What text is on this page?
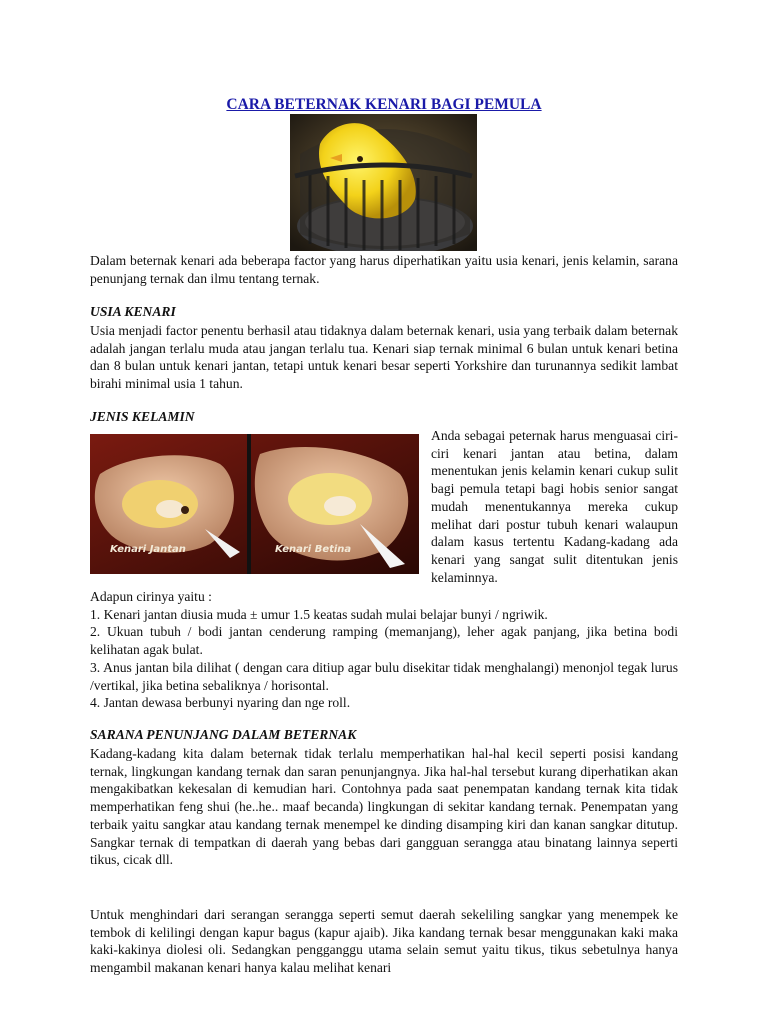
CARA BETERNAK KENARI BAGI PEMULA

Dalam beternak kenari ada beberapa factor yang harus diperhatikan yaitu usia kenari, jenis kelamin, sarana penunjang ternak dan ilmu tentang ternak.

USIA KENARI

Usia menjadi factor penentu berhasil atau tidaknya dalam beternak kenari, usia yang terbaik dalam beternak adalah jangan terlalu muda atau jangan terlalu tua. Kenari siap ternak minimal 6 bulan untuk kenari betina dan 8 bulan untuk kenari jantan, tetapi untuk kenari besar seperti Yorkshire dan turunannya sedikit lambat birahi minimal usia 1 tahun.

JENIS KELAMIN
Kenari Jantan	Kenari Betina

Anda sebagai peternak harus menguasai ciri-ciri kenari jantan atau betina, dalam menentukan jenis kelamin kenari cukup sulit bagi pemula tetapi bagi hobis senior sangat mudah menentukannya mereka cukup melihat dari postur tubuh kenari walaupun dalam kasus tertentu Kadang-kadang ada kenari yang sangat sulit ditentukan jenis kelaminnya.

Adapun cirinya yaitu :
1. Kenari jantan diusia muda ± umur 1.5 keatas sudah mulai belajar bunyi / ngriwik.
2. Ukuan tubuh / bodi jantan cenderung ramping (memanjang), leher agak panjang, jika betina bodi kelihatan agak bulat.
3. Anus jantan bila dilihat ( dengan cara ditiup agar bulu disekitar tidak menghalangi) menonjol tegak lurus /vertikal, jika betina sebaliknya / horisontal.
4. Jantan dewasa berbunyi nyaring dan nge roll.
SARANA PENUNJANG DALAM BETERNAK

Kadang-kadang kita dalam beternak tidak terlalu memperhatikan hal-hal kecil seperti posisi kandang ternak, lingkungan kandang ternak dan saran penunjangnya. Jika hal-hal tersebut kurang diperhatikan akan mengakibatkan kekesalan di kemudian hari. Contohnya pada saat penempatan kandang ternak kita tidak memperhatikan feng shui (he..he.. maaf becanda) lingkungan di sekitar kandang ternak. Penempatan yang terbaik yaitu sangkar atau kandang ternak menempel ke dinding disamping kiri dan kanan sangkar ditutup. Sangkar ternak di tempatkan di daerah yang bebas dari gangguan serangga atau binatang lainnya seperti tikus, cicak dll.

Untuk menghindari dari serangan serangga seperti semut daerah sekeliling sangkar yang menempek ke tembok di kelilingi dengan kapur bagus (kapur ajaib). Jika kandang ternak besar menggunakan kaki maka kaki-kakinya diolesi oli. Sedangkan pengganggu utama selain semut yaitu tikus, tikus sebetulnya hanya mengambil makanan kenari hanya kalau melihat kenari
